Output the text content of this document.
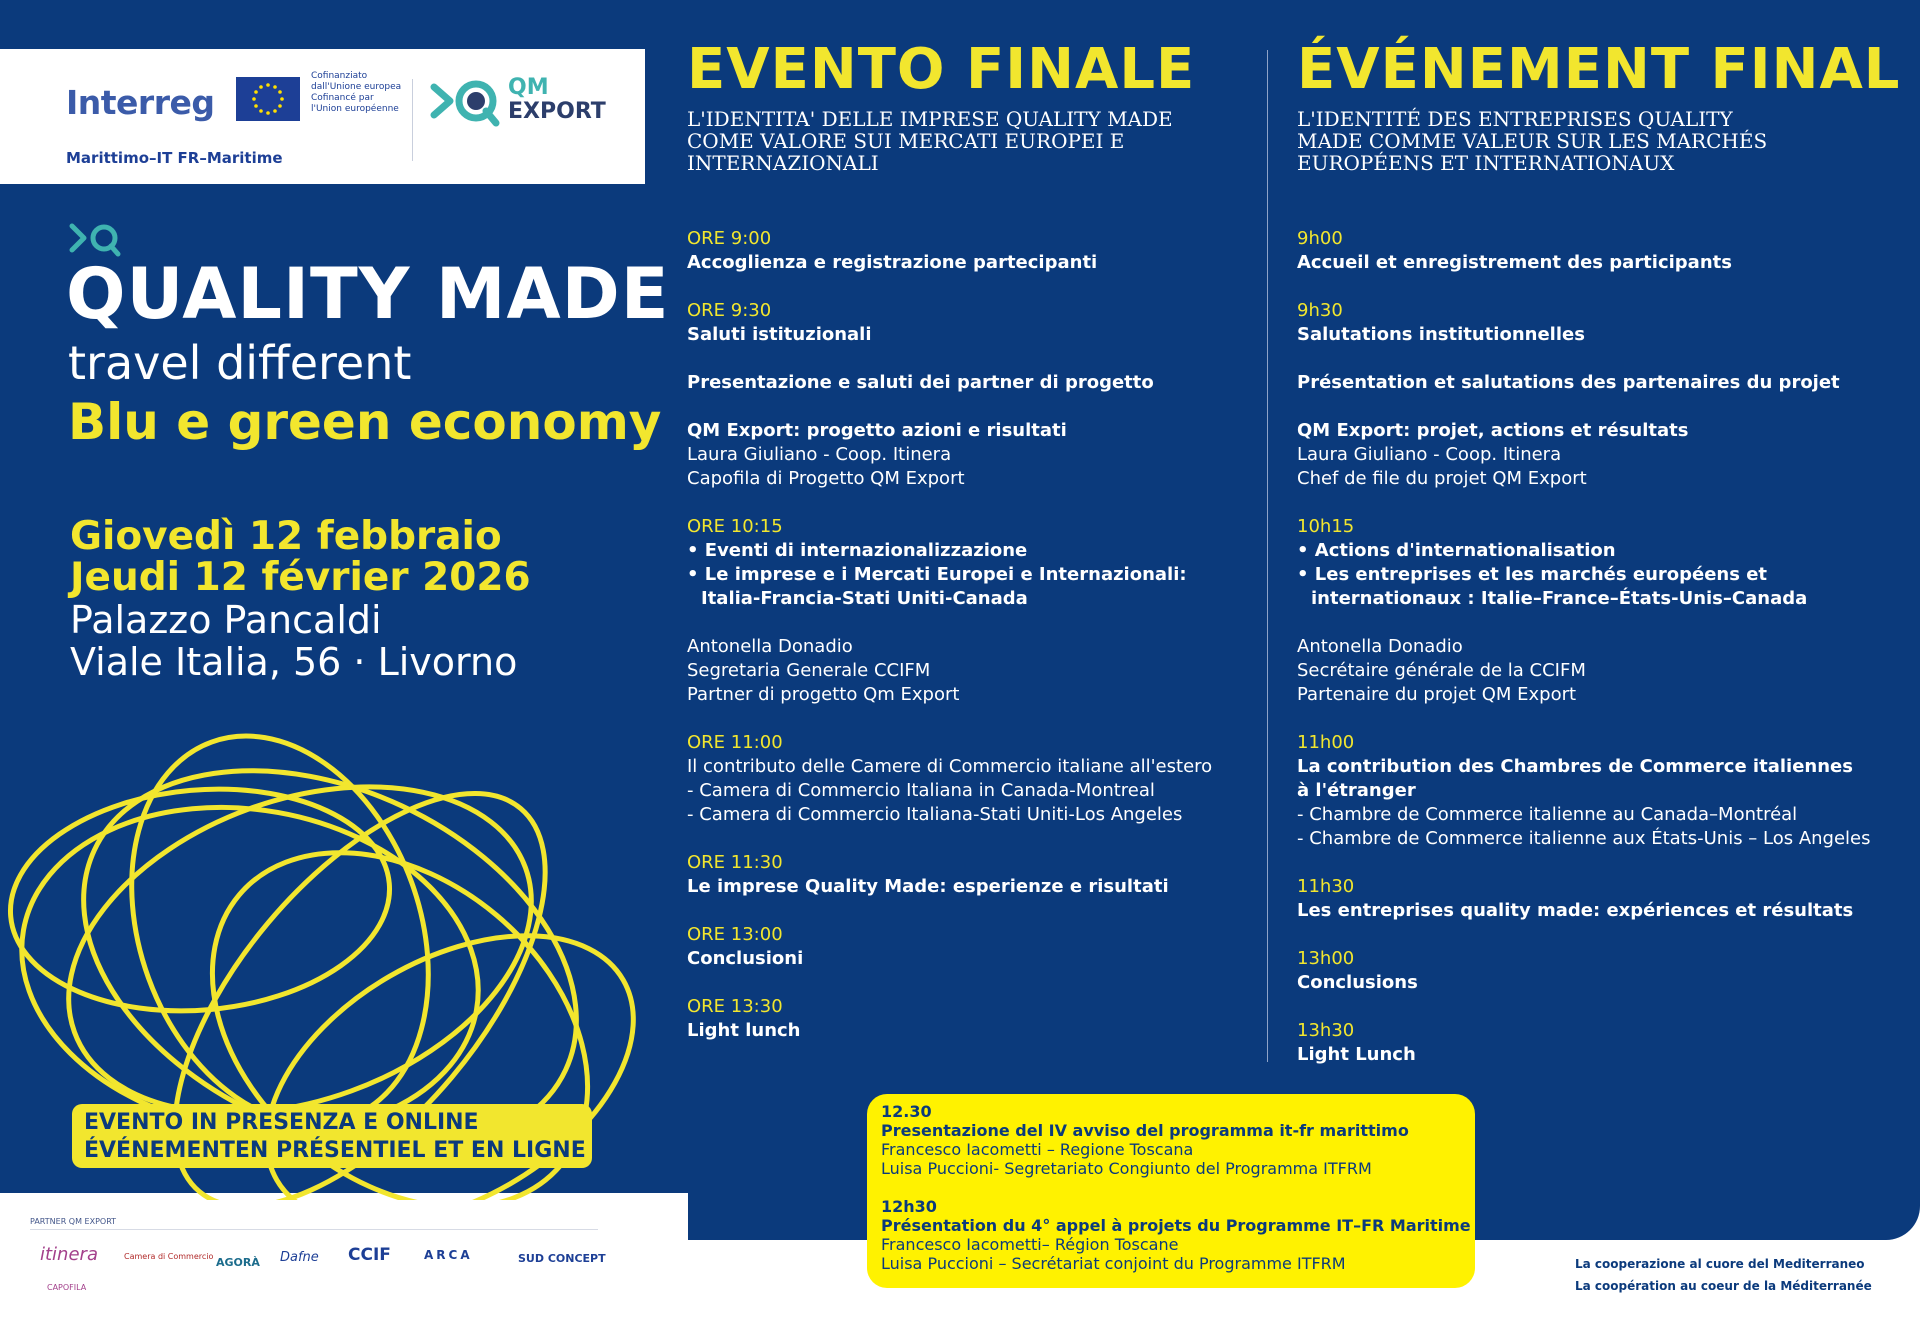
Interreg
Cofinanziato
dall'Unione europea
Cofinancé par
l'Union européenne
Marittimo–IT FR–Maritime
QM
EXPORT
QUALITY MADE
travel different
Blu e green economy
Giovedì 12 febbraio
Jeudi 12 février 2026
Palazzo Pancaldi
Viale Italia, 56 · Livorno
EVENTO IN PRESENZA E ONLINE
ÉVÉNEMENTEN PRÉSENTIEL ET EN LIGNE
PARTNER QM EXPORT
itinera	Camera di Commercio AGORÀ Dafne CCIF	ARCA	SUD CONCEPT
CAPOFILA
EVENTO FINALE
L'IDENTITA' DELLE IMPRESE QUALITY MADE
COME VALORE SUI MERCATI EUROPEI E
INTERNAZIONALI
ORE 9:00
Accoglienza e registrazione partecipanti
ORE 9:30
Saluti istituzionali
Presentazione e saluti dei partner di progetto
QM Export: progetto azioni e risultati
Laura Giuliano - Coop. Itinera
Capofila di Progetto QM Export
ORE 10:15
• Eventi di internazionalizzazione
• Le imprese e i Mercati Europei e Internazionali:
Italia-Francia-Stati Uniti-Canada
Antonella Donadio
Segretaria Generale CCIFM
Partner di progetto Qm Export
ORE 11:00
Il contributo delle Camere di Commercio italiane all'estero
- Camera di Commercio Italiana in Canada-Montreal
- Camera di Commercio Italiana-Stati Uniti-Los Angeles
ORE 11:30
Le imprese Quality Made: esperienze e risultati
ORE 13:00
Conclusioni
ORE 13:30
Light lunch
ÉVÉNEMENT FINAL
L'IDENTITÉ DES ENTREPRISES QUALITY
MADE COMME VALEUR SUR LES MARCHÉS
EUROPÉENS ET INTERNATIONAUX
9h00
Accueil et enregistrement des participants
9h30
Salutations institutionnelles
Présentation et salutations des partenaires du projet
QM Export: projet, actions et résultats
Laura Giuliano - Coop. Itinera
Chef de file du projet QM Export
10h15
• Actions d'internationalisation
• Les entreprises et les marchés européens et
internationaux : Italie–France–États-Unis–Canada
Antonella Donadio
Secrétaire générale de la CCIFM
Partenaire du projet QM Export
11h00
La contribution des Chambres de Commerce italiennes
à l'étranger
- Chambre de Commerce italienne au Canada–Montréal
- Chambre de Commerce italienne aux États-Unis – Los Angeles
11h30
Les entreprises quality made: expériences et résultats
13h00
Conclusions
13h30
Light Lunch
12.30
Presentazione del IV avviso del programma it-fr marittimo
Francesco Iacometti – Regione Toscana
Luisa Puccioni- Segretariato Congiunto del Programma ITFRM
12h30
Présentation du 4° appel à projets du Programme IT–FR Maritime
Francesco Iacometti– Région Toscane
Luisa Puccioni – Secrétariat conjoint du Programme ITFRM	La cooperazione al cuore del Mediterraneo
La coopération au coeur de la Méditerranée
